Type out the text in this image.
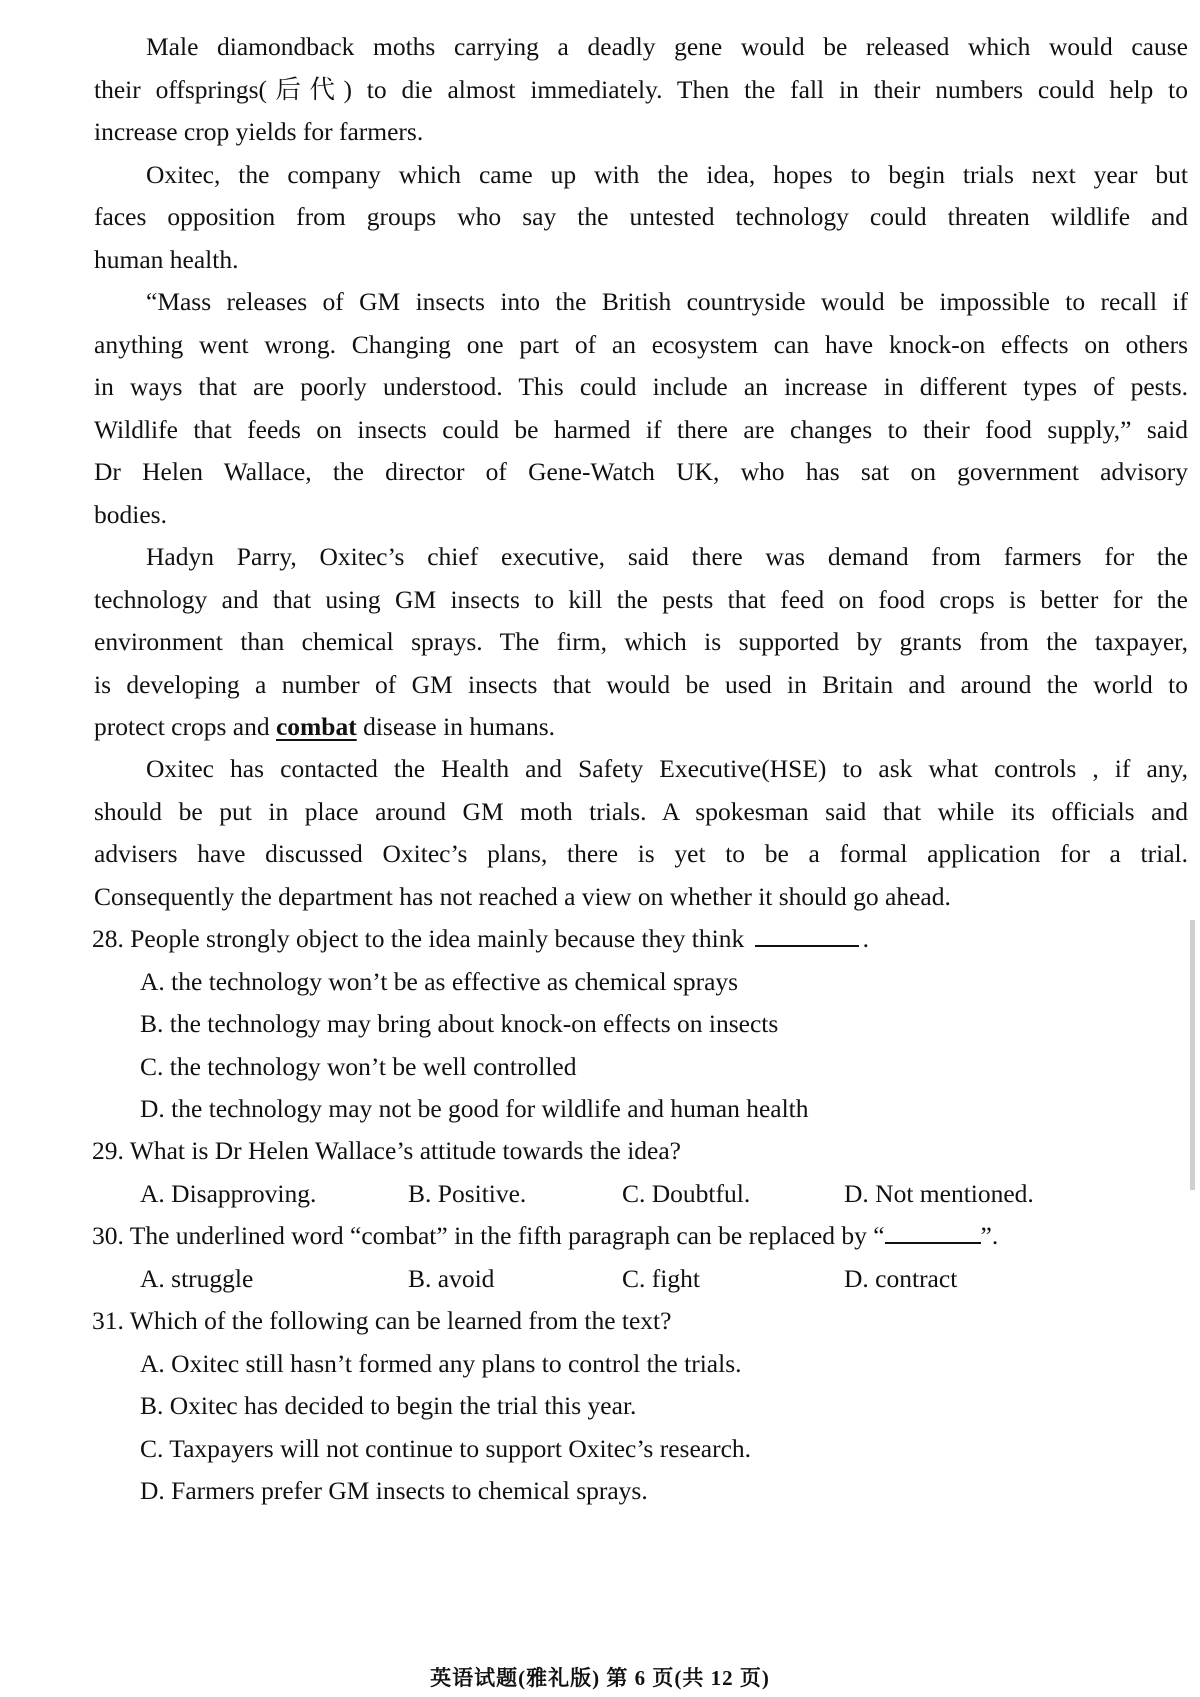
Male diamondback moths carrying a deadly gene would be released which would cause

their offsprings(后代) to die almost immediately. Then the fall in their numbers could help to

increase crop yields for farmers.

Oxitec, the company which came up with the idea, hopes to begin trials next year but

faces opposition from groups who say the untested technology could threaten wildlife and

human health.

“Mass releases of GM insects into the British countryside would be impossible to recall if

anything went wrong. Changing one part of an ecosystem can have knock-on effects on others

in ways that are poorly understood. This could include an increase in different types of pests.

Wildlife that feeds on insects could be harmed if there are changes to their food supply,” said

Dr Helen Wallace, the director of Gene-Watch UK, who has sat on government advisory

bodies.

Hadyn Parry, Oxitec’s chief executive, said there was demand from farmers for the

technology and that using GM insects to kill the pests that feed on food crops is better for the

environment than chemical sprays. The firm, which is supported by grants from the taxpayer,

is developing a number of GM insects that would be used in Britain and around the world to

protect crops and combat disease in humans.

Oxitec has contacted the Health and Safety Executive(HSE) to ask what controls , if any,

should be put in place around GM moth trials. A spokesman said that while its officials and

advisers have discussed Oxitec’s plans, there is yet to be a formal application for a trial.

Consequently the department has not reached a view on whether it should go ahead.

28. People strongly object to the idea mainly because they think	.

A. the technology won’t be as effective as chemical sprays

B. the technology may bring about knock-on effects on insects

C. the technology won’t be well controlled

D. the technology may not be good for wildlife and human health

29. What is Dr Helen Wallace’s attitude towards the idea?

A. Disapproving.	B. Positive.	C. Doubtful.	D. Not mentioned.

30. The underlined word “combat” in the fifth paragraph can be replaced by “	”.

A. struggle	B. avoid	C. fight	D. contract

31. Which of the following can be learned from the text?

A. Oxitec still hasn’t formed any plans to control the trials.

B. Oxitec has decided to begin the trial this year.

C. Taxpayers will not continue to support Oxitec’s research.

D. Farmers prefer GM insects to chemical sprays.

英语试题(雅礼版) 第 6 页(共 12 页)
